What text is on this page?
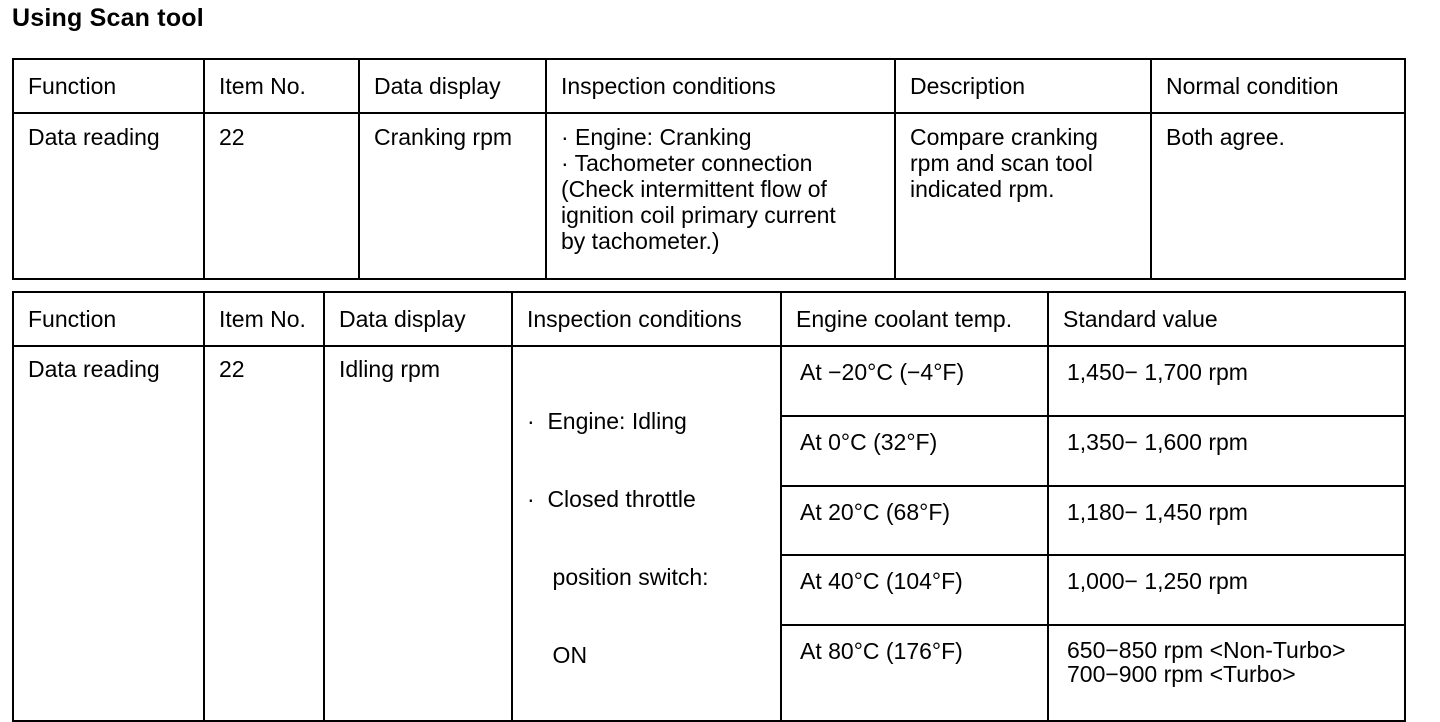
Using Scan tool
Function	Item No.	Data display	Inspection conditions	Description	Normal condition
Data reading	22	Cranking rpm	· Engine: Cranking
· Tachometer connection
(Check intermittent flow of
ignition coil primary current
by tachometer.)	Compare cranking
rpm and scan tool
indicated rpm.	Both agree.
Function	Item No.	Data display	Inspection conditions	Engine coolant temp.	Standard value
Data reading	22	Idling rpm	·  Engine: Idling

·  Closed throttle

position switch:

ON	At −20°C (−4°F)	1,450− 1,700 rpm
				At 0°C (32°F)	1,350− 1,600 rpm
				At 20°C (68°F)	1,180− 1,450 rpm
				At 40°C (104°F)	1,000− 1,250 rpm
				At 80°C (176°F)	650−850 rpm <Non-Turbo>
700−900 rpm <Turbo>
